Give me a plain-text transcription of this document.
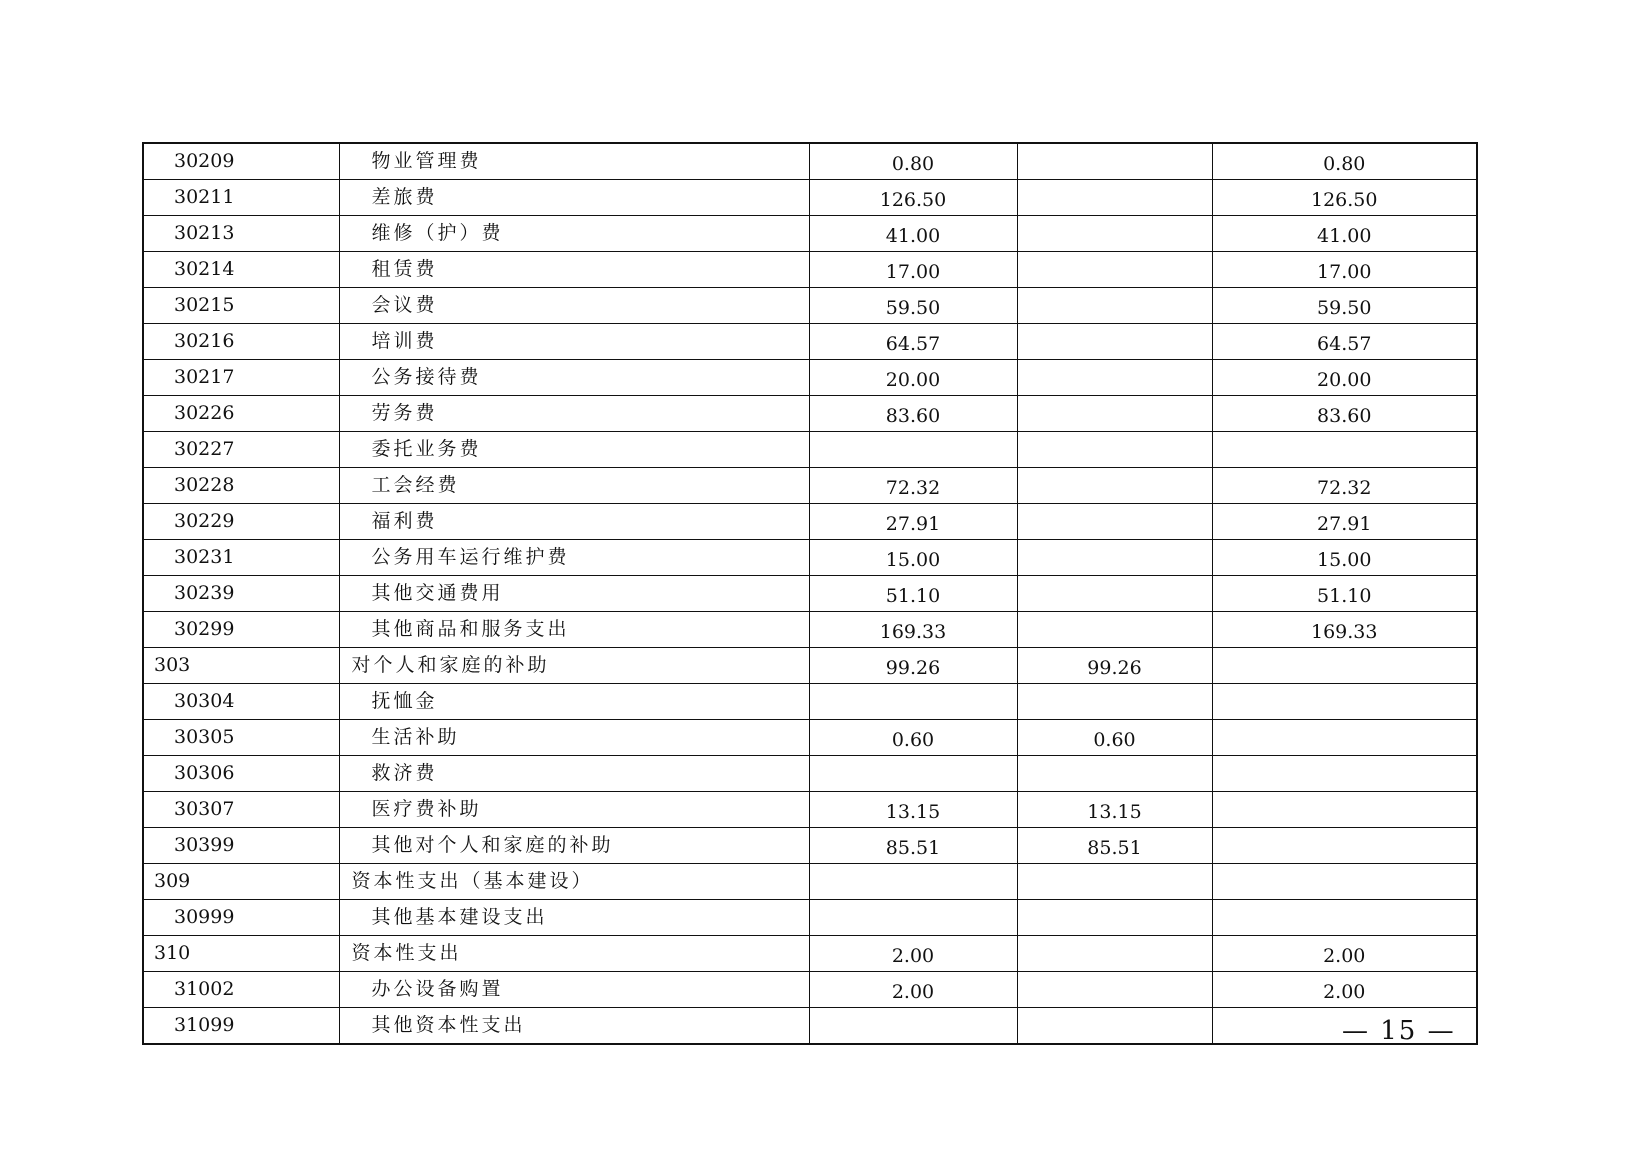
30209	物业管理费	0.80		0.80
30211	差旅费	126.50		126.50
30213	维修（护）费	41.00		41.00
30214	租赁费	17.00		17.00
30215	会议费	59.50		59.50
30216	培训费	64.57		64.57
30217	公务接待费	20.00		20.00
30226	劳务费	83.60		83.60
30227	委托业务费			
30228	工会经费	72.32		72.32
30229	福利费	27.91		27.91
30231	公务用车运行维护费	15.00		15.00
30239	其他交通费用	51.10		51.10
30299	其他商品和服务支出	169.33		169.33
303	对个人和家庭的补助	99.26	99.26	
30304	抚恤金			
30305	生活补助	0.60	0.60	
30306	救济费			
30307	医疗费补助	13.15	13.15	
30399	其他对个人和家庭的补助	85.51	85.51	
309	资本性支出（基本建设）			
30999	其他基本建设支出			
310	资本性支出	2.00		2.00
31002	办公设备购置	2.00		2.00
31099	其他资本性支出				— 15 —
